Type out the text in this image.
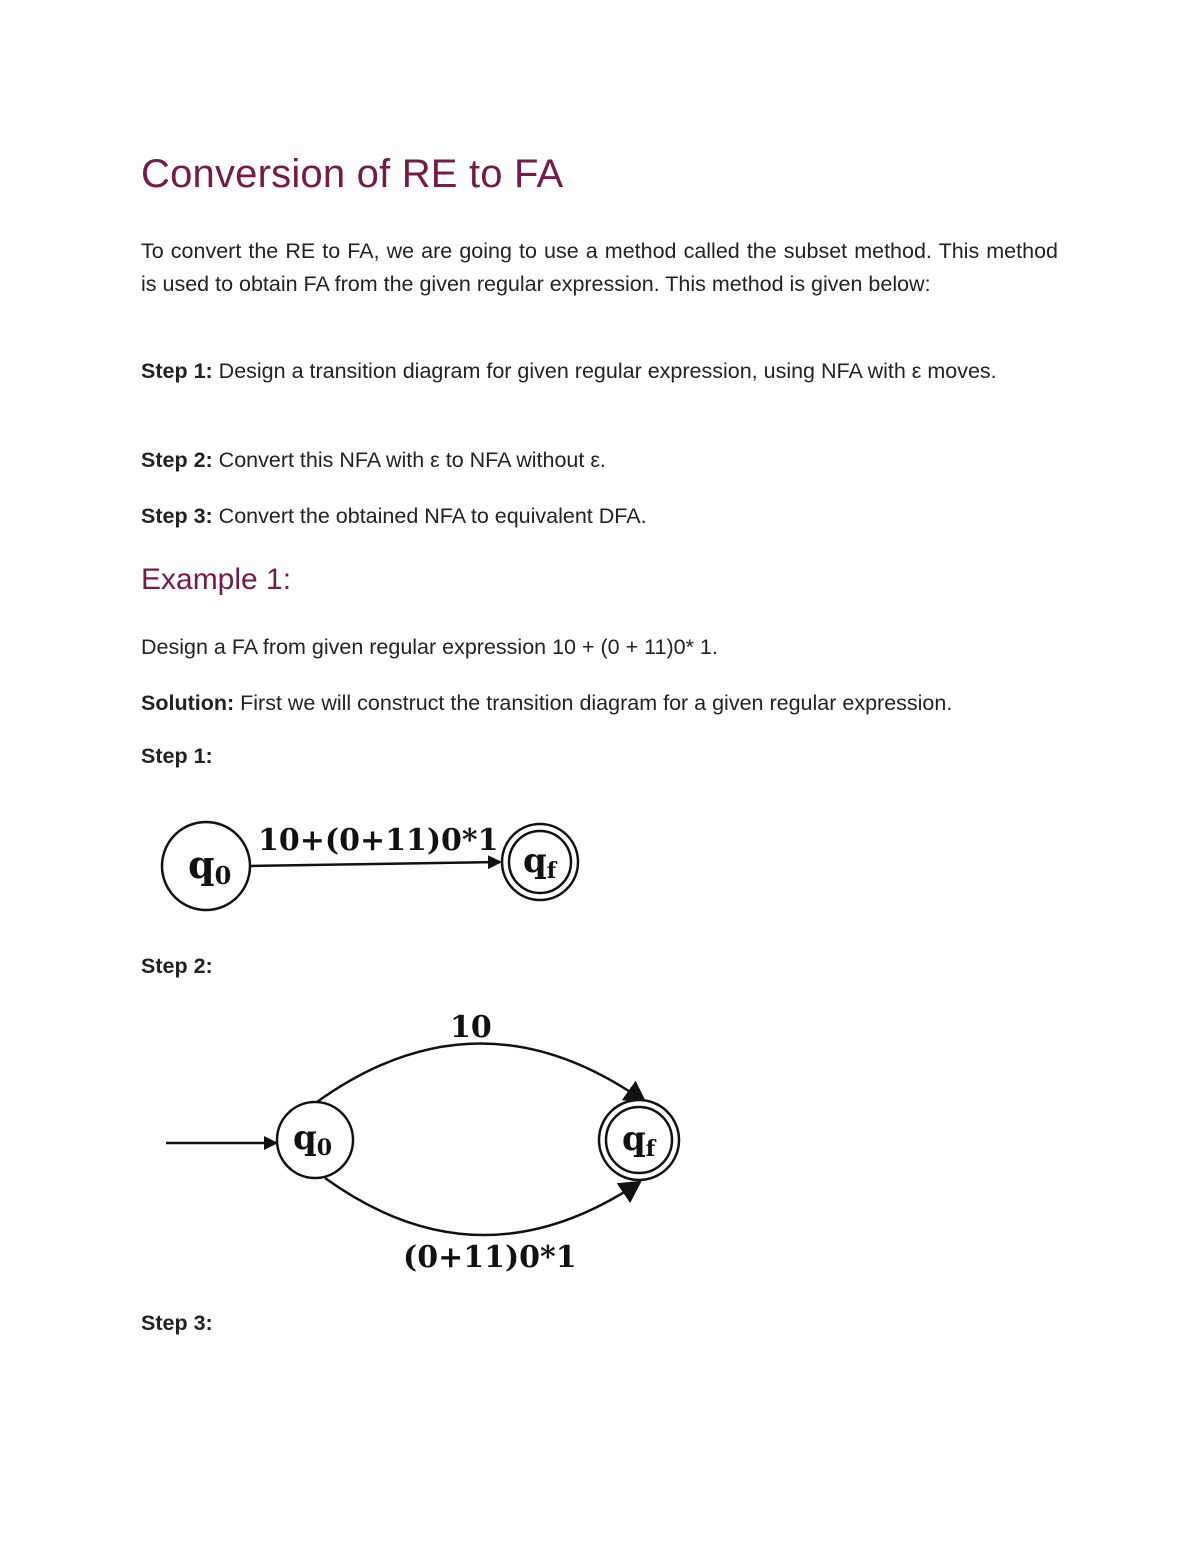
Conversion of RE to FA

To convert the RE to FA, we are going to use a method called the subset method. This method is used to obtain FA from the given regular expression. This method is given below:

Step 1: Design a transition diagram for given regular expression, using NFA with ε moves.

Step 2: Convert this NFA with ε to NFA without ε.

Step 3: Convert the obtained NFA to equivalent DFA.

Example 1:

Design a FA from given regular expression 10 + (0 + 11)0* 1.

Solution: First we will construct the transition diagram for a given regular expression.

Step 1:

q0
10+(0+11)0*1
qf

Step 2:

q0
10
(0+11)0*1
qf

Step 3:
